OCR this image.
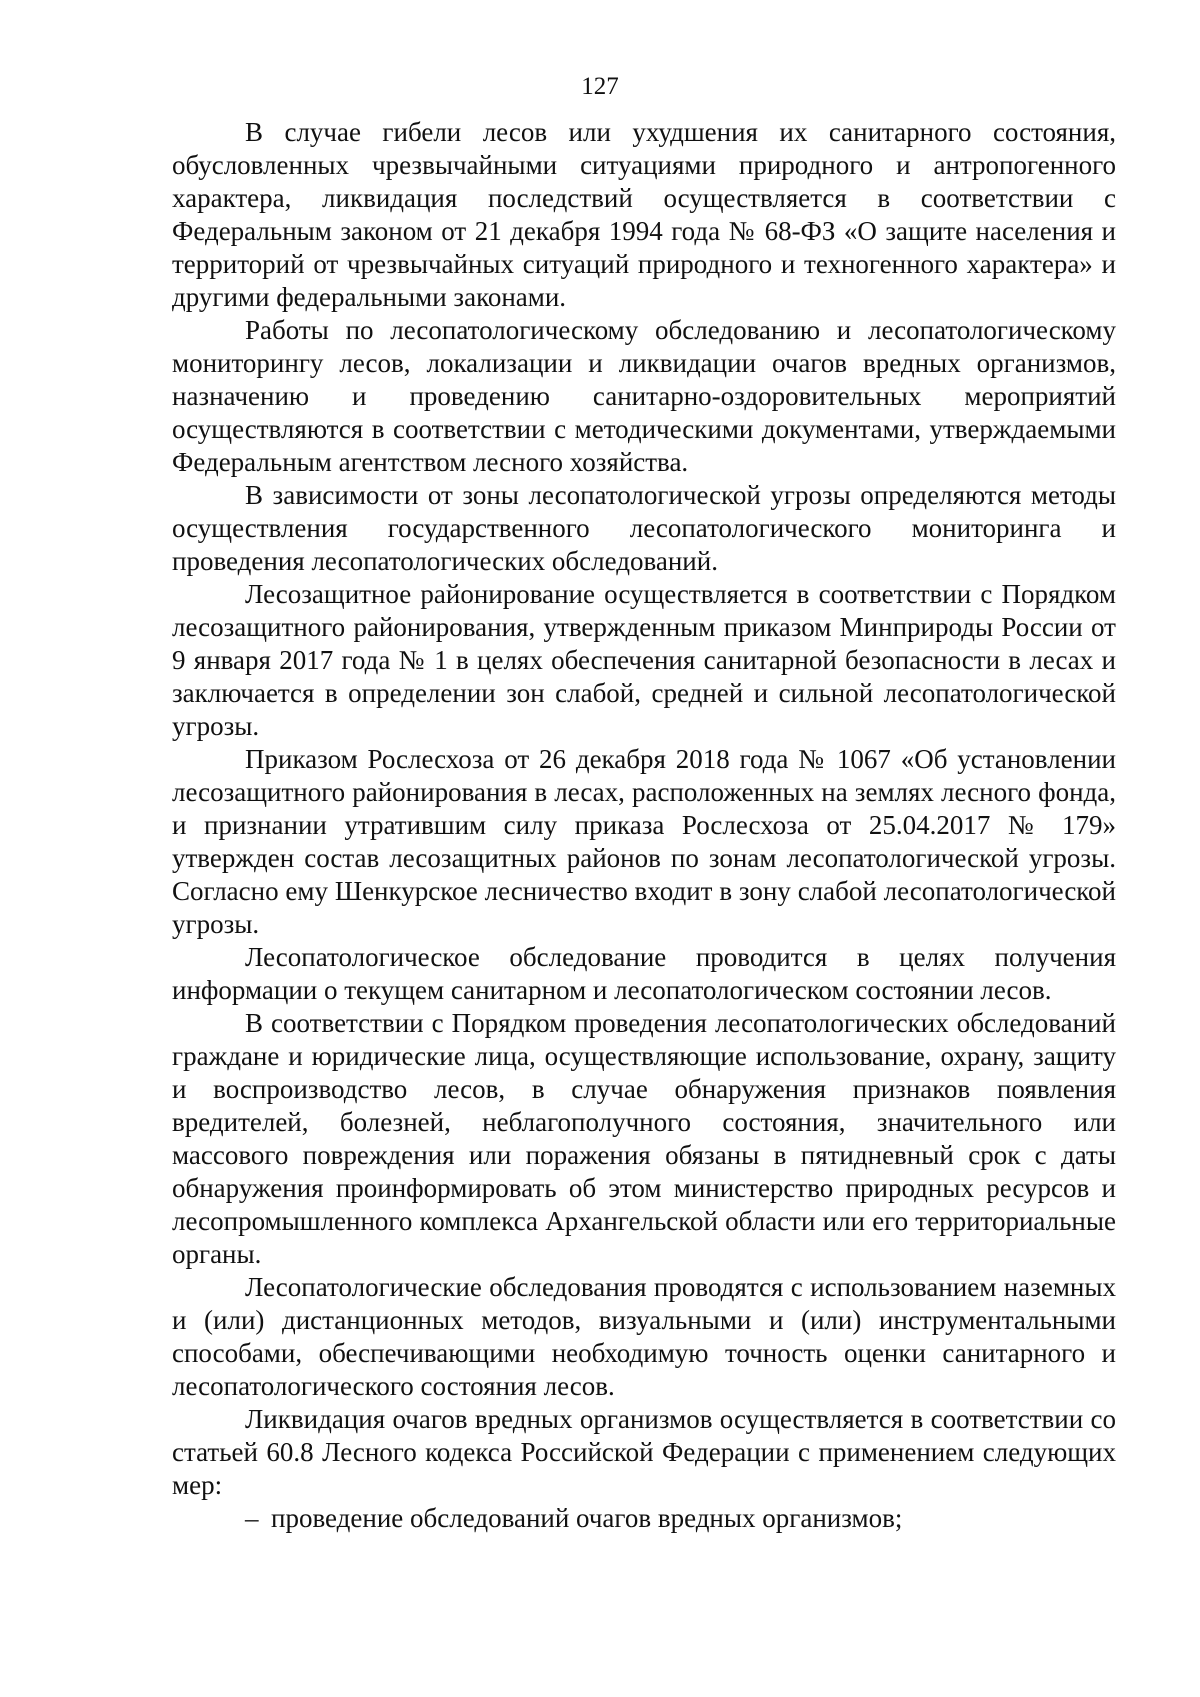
127

В случае гибели лесов или ухудшения их санитарного состояния, обусловленных чрезвычайными ситуациями природного и антропогенного характера, ликвидация последствий осуществляется в соответствии с Федеральным законом от 21 декабря 1994 года № 68-ФЗ «О защите населения и территорий от чрезвычайных ситуаций природного и техногенного характера» и другими федеральными законами.

Работы по лесопатологическому обследованию и лесопатологическому мониторингу лесов, локализации и ликвидации очагов вредных организмов, назначению и проведению санитарно-оздоровительных мероприятий осуществляются в соответствии с методическими документами, утверждаемыми Федеральным агентством лесного хозяйства.

В зависимости от зоны лесопатологической угрозы определяются методы осуществления государственного лесопатологического мониторинга и проведения лесопатологических обследований.

Лесозащитное районирование осуществляется в соответствии с Порядком лесозащитного районирования, утвержденным приказом Минприроды России от 9 января 2017 года № 1 в целях обеспечения санитарной безопасности в лесах и заключается в определении зон слабой, средней и сильной лесопатологической угрозы.

Приказом Рослесхоза от 26 декабря 2018 года № 1067 «Об установлении лесозащитного районирования в лесах, расположенных на землях лесного фонда, и признании утратившим силу приказа Рослесхоза от 25.04.2017 № 179» утвержден состав лесозащитных районов по зонам лесопатологической угрозы. Согласно ему Шенкурское лесничество входит в зону слабой лесопатологической угрозы.

Лесопатологическое обследование проводится в целях получения информации о текущем санитарном и лесопатологическом состоянии лесов.

В соответствии с Порядком проведения лесопатологических обследований граждане и юридические лица, осуществляющие использование, охрану, защиту и воспроизводство лесов, в случае обнаружения признаков появления вредителей, болезней, неблагополучного состояния, значительного или массового повреждения или поражения обязаны в пятидневный срок с даты обнаружения проинформировать об этом министерство природных ресурсов и лесопромышленного комплекса Архангельской области или его территориальные органы.

Лесопатологические обследования проводятся с использованием наземных и (или) дистанционных методов, визуальными и (или) инструментальными способами, обеспечивающими необходимую точность оценки санитарного и лесопатологического состояния лесов.

Ликвидация очагов вредных организмов осуществляется в соответствии со статьей 60.8 Лесного кодекса Российской Федерации с применением следующих мер:

– проведение обследований очагов вредных организмов;
